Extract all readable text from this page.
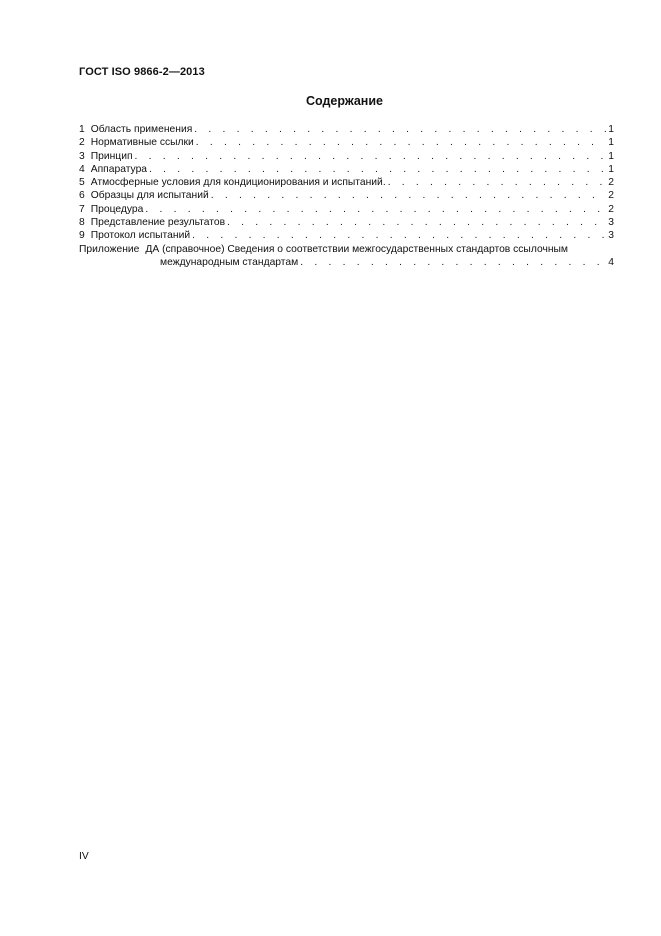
ГОСТ ISO 9866-2—2013
Содержание
1 Область применения . . .	1
2 Нормативные ссылки . . .	1
3 Принцип . . .	1
4 Аппаратура . . .	1
5 Атмосферные условия для кондиционирования и испытаний. . . .	2
6 Образцы для испытаний . . .	2
7 Процедура . . .	2
8 Представление результатов . . .	3
9 Протокол испытаний . . .	3
Приложение ДА (справочное) Сведения о соответствии межгосударственных стандартов ссылочным
международным стандартам . . .	4
IV
